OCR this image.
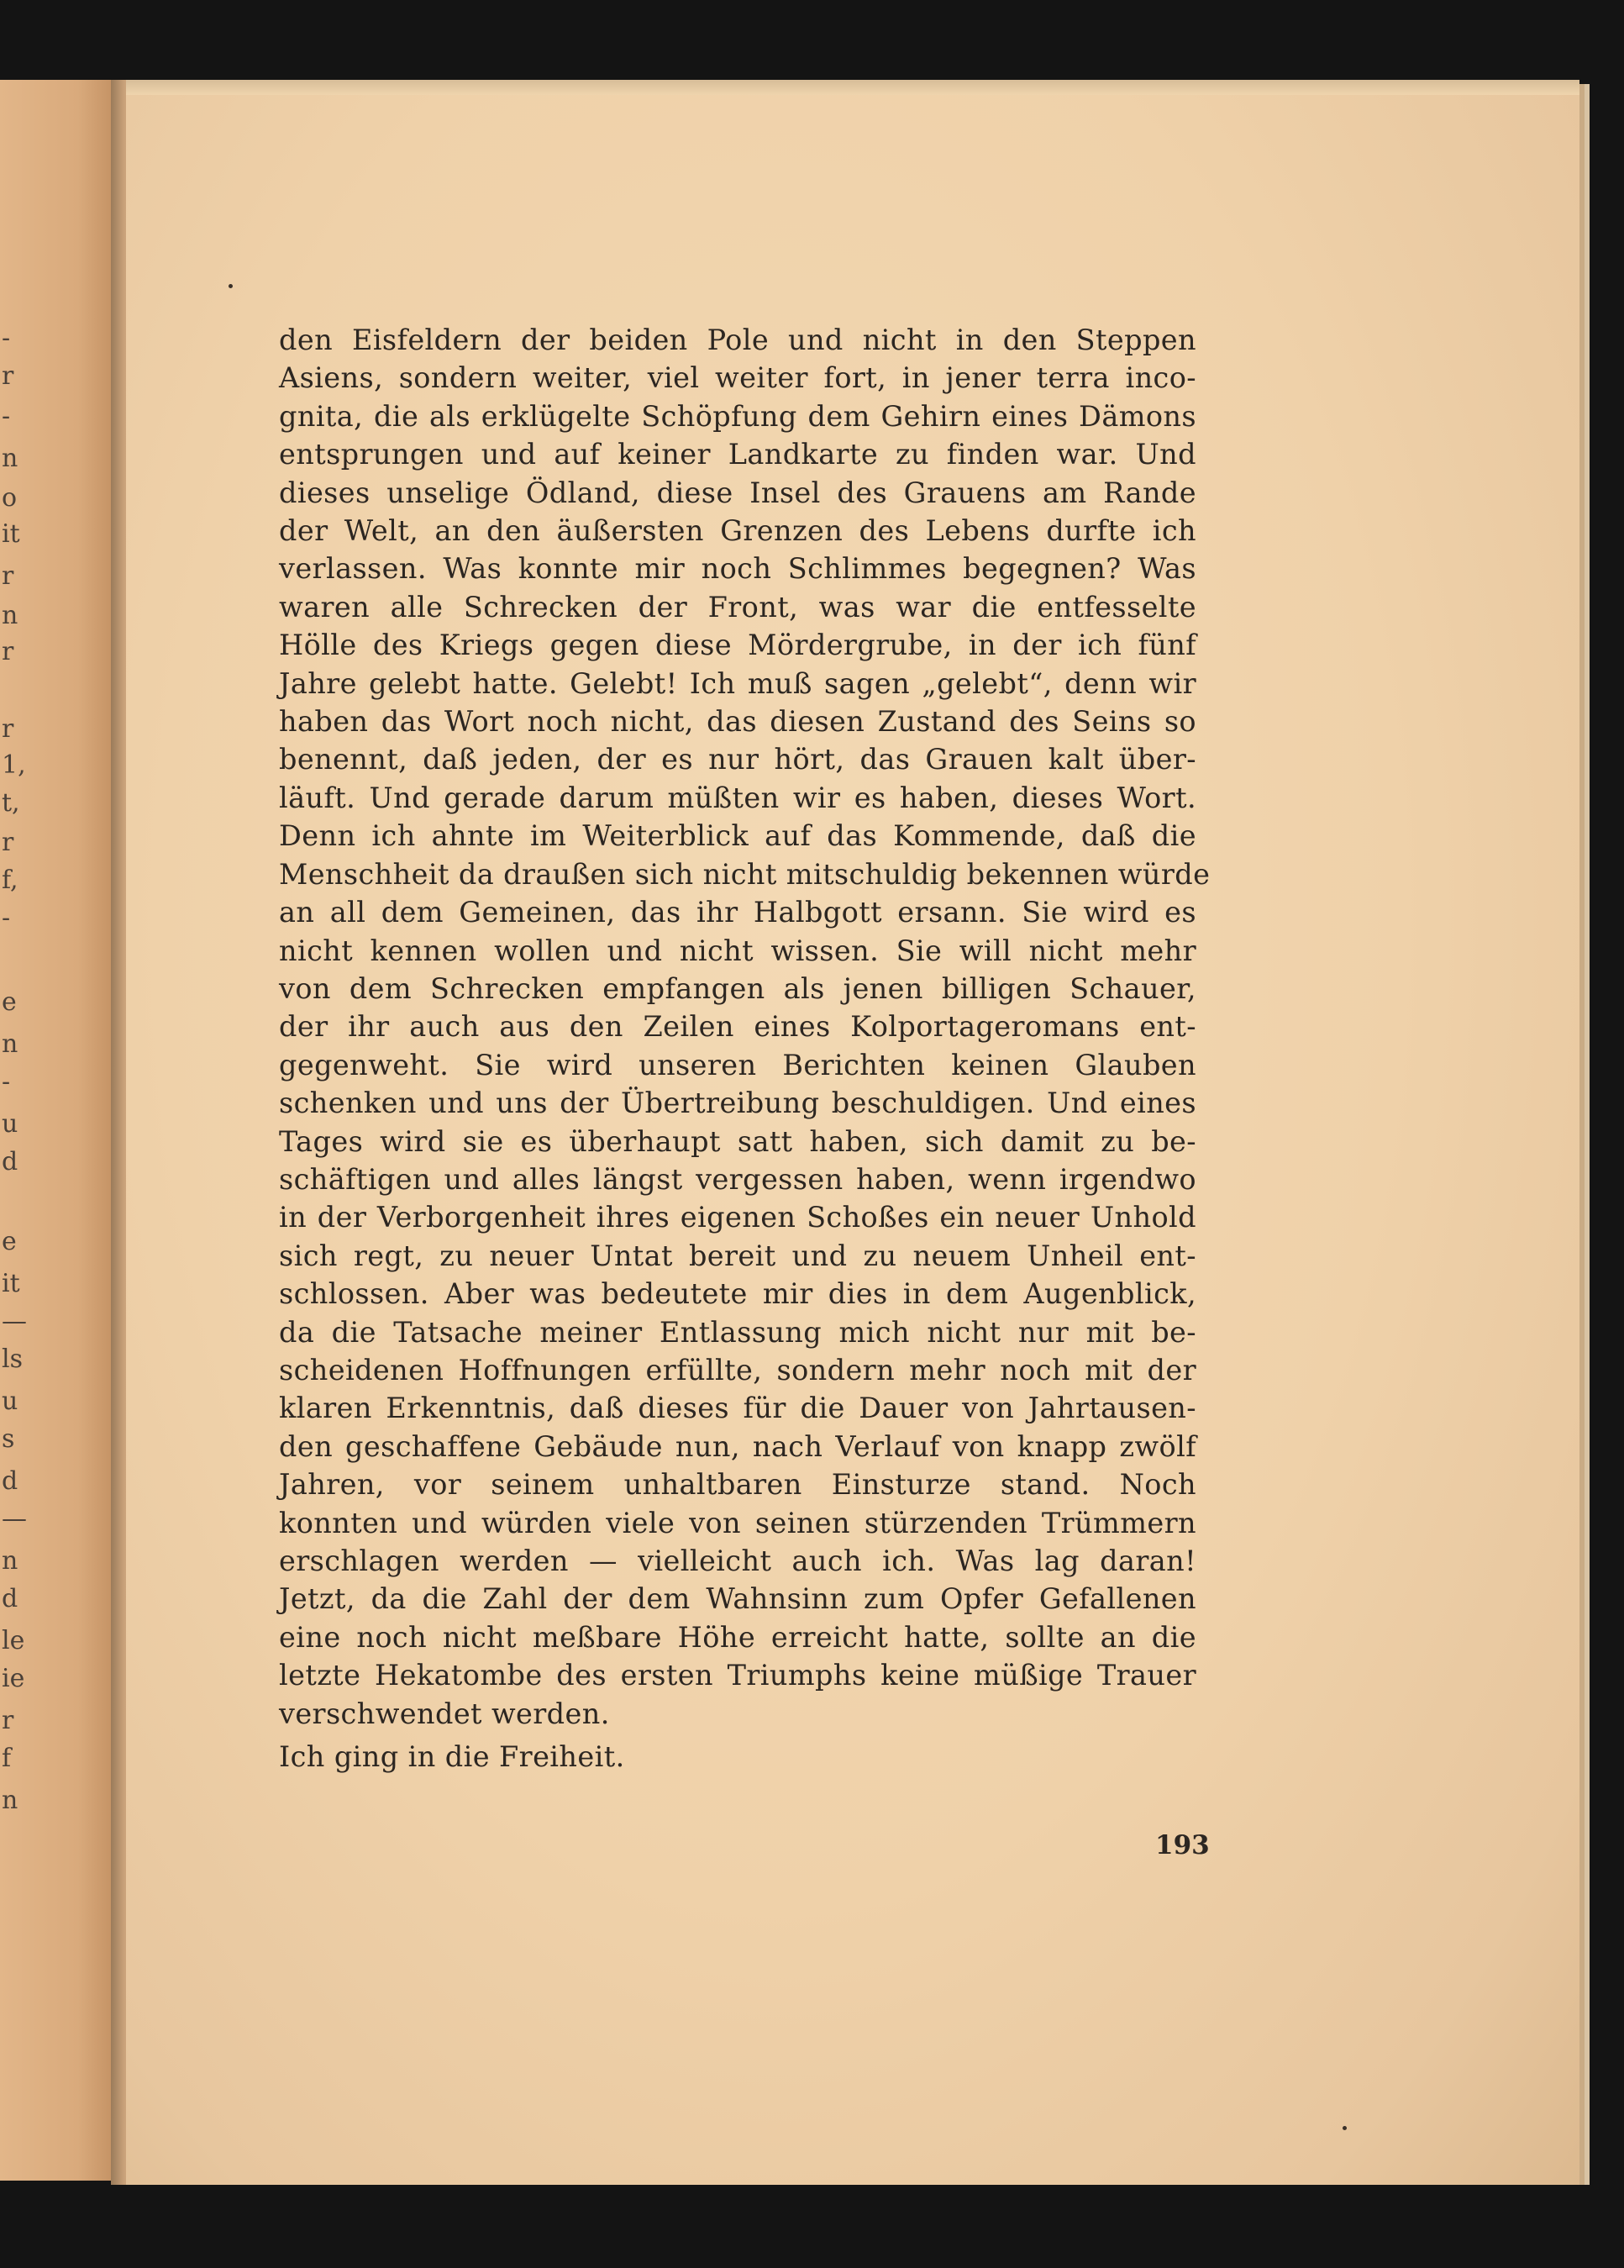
-
r
-
n
o
it
r
n
r
r
1,
t,
r
f,
-
e
n
-
u
d
e
it
—
ls
u
s
d
—
n
d
le
ie
r
f
n
den Eisfeldern der beiden Pole und nicht in den Steppen
Asiens, sondern weiter, viel weiter fort, in jener terra inco-
gnita, die als erklügelte Schöpfung dem Gehirn eines Dämons
entsprungen und auf keiner Landkarte zu finden war. Und
dieses unselige Ödland, diese Insel des Grauens am Rande
der Welt, an den äußersten Grenzen des Lebens durfte ich
verlassen. Was konnte mir noch Schlimmes begegnen? Was
waren alle Schrecken der Front, was war die entfesselte
Hölle des Kriegs gegen diese Mördergrube, in der ich fünf
Jahre gelebt hatte. Gelebt! Ich muß sagen „gelebt“, denn wir
haben das Wort noch nicht, das diesen Zustand des Seins so
benennt, daß jeden, der es nur hört, das Grauen kalt über-
läuft. Und gerade darum müßten wir es haben, dieses Wort.
Denn ich ahnte im Weiterblick auf das Kommende, daß die
Menschheit da draußen sich nicht mitschuldig bekennen würde
an all dem Gemeinen, das ihr Halbgott ersann. Sie wird es
nicht kennen wollen und nicht wissen. Sie will nicht mehr
von dem Schrecken empfangen als jenen billigen Schauer,
der ihr auch aus den Zeilen eines Kolportageromans ent-
gegenweht. Sie wird unseren Berichten keinen Glauben
schenken und uns der Übertreibung beschuldigen. Und eines
Tages wird sie es überhaupt satt haben, sich damit zu be-
schäftigen und alles längst vergessen haben, wenn irgendwo
in der Verborgenheit ihres eigenen Schoßes ein neuer Unhold
sich regt, zu neuer Untat bereit und zu neuem Unheil ent-
schlossen. Aber was bedeutete mir dies in dem Augenblick,
da die Tatsache meiner Entlassung mich nicht nur mit be-
scheidenen Hoffnungen erfüllte, sondern mehr noch mit der
klaren Erkenntnis, daß dieses für die Dauer von Jahrtausen-
den geschaffene Gebäude nun, nach Verlauf von knapp zwölf
Jahren, vor seinem unhaltbaren Einsturze stand. Noch
konnten und würden viele von seinen stürzenden Trümmern
erschlagen werden — vielleicht auch ich. Was lag daran!
Jetzt, da die Zahl der dem Wahnsinn zum Opfer Gefallenen
eine noch nicht meßbare Höhe erreicht hatte, sollte an die
letzte Hekatombe des ersten Triumphs keine müßige Trauer
verschwendet werden.
Ich ging in die Freiheit.
193
